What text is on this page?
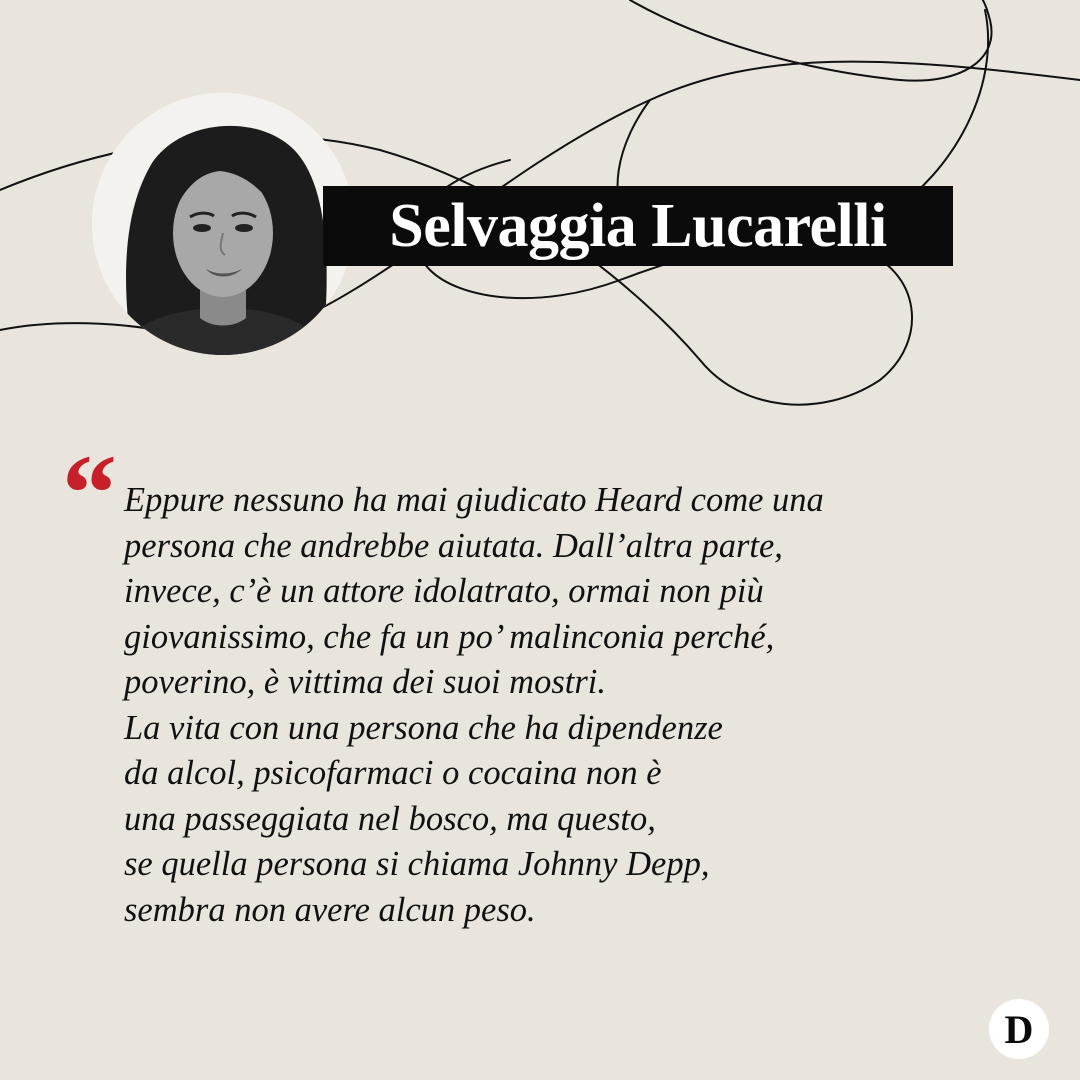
Selvaggia Lucarelli
“ Eppure nessuno ha mai giudicato Heard come una
persona che andrebbe aiutata. Dall’altra parte,
invece, c’è un attore idolatrato, ormai non più
giovanissimo, che fa un po’ malinconia perché,
poverino, è vittima dei suoi mostri.
La vita con una persona che ha dipendenze
da alcol, psicofarmaci o cocaina non è
una passeggiata nel bosco, ma questo,
se quella persona si chiama Johnny Depp,
sembra non avere alcun peso.
D
